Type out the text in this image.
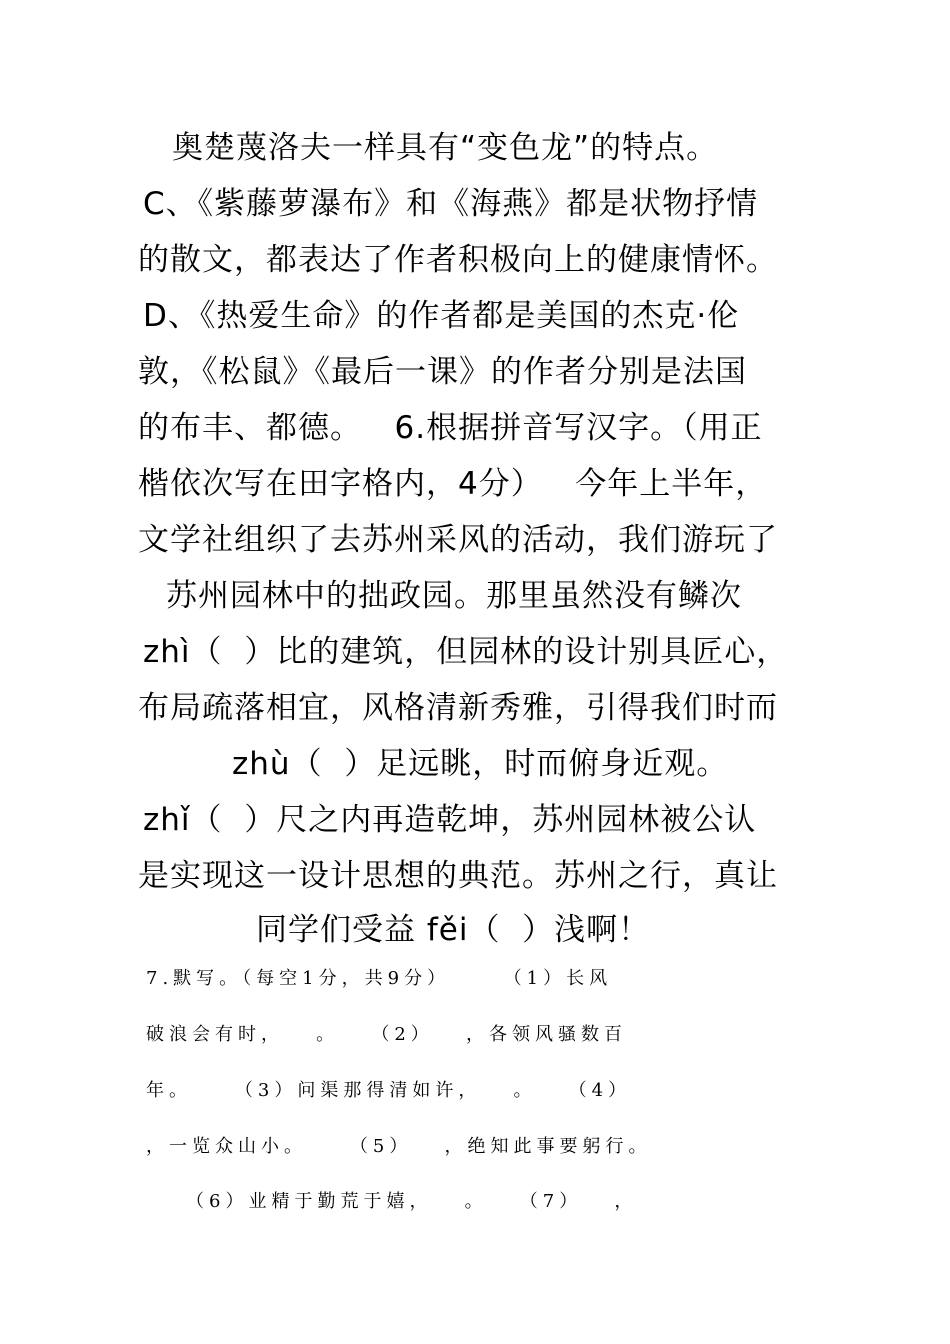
奥楚蔑洛夫一样具有“变色龙”的特点。
C、《紫藤萝瀑布》和《海燕》都是状物抒情
的散文，都表达了作者积极向上的健康情怀。
D、《热爱生命》的作者都是美国的杰克·伦
敦，《松鼠》《最后一课》的作者分别是法国
的布丰、都德。   6.根据拼音写汉字。（用正
楷依次写在田字格内，4分）   今年上半年，
文学社组织了去苏州采风的活动，我们游玩了
苏州园林中的拙政园。那里虽然没有鳞次
zhì（  ）比的建筑，但园林的设计别具匠心，
布局疏落相宜，风格清新秀雅，引得我们时而
zhù（  ）足远眺，时而俯身近观。
zhǐ（  ）尺之内再造乾坤，苏州园林被公认
是实现这一设计思想的典范。苏州之行，真让
同学们受益 fěi（  ）浅啊！
7.默写。（每空1分，共9分）     （1）长风
破浪会有时，   。   （2）   ，各领风骚数百
年。    （3）问渠那得清如许，   。   （4）
，一览众山小。    （5）   ，绝知此事要躬行。
（6）业精于勤荒于嬉，   。   （7）   ，
